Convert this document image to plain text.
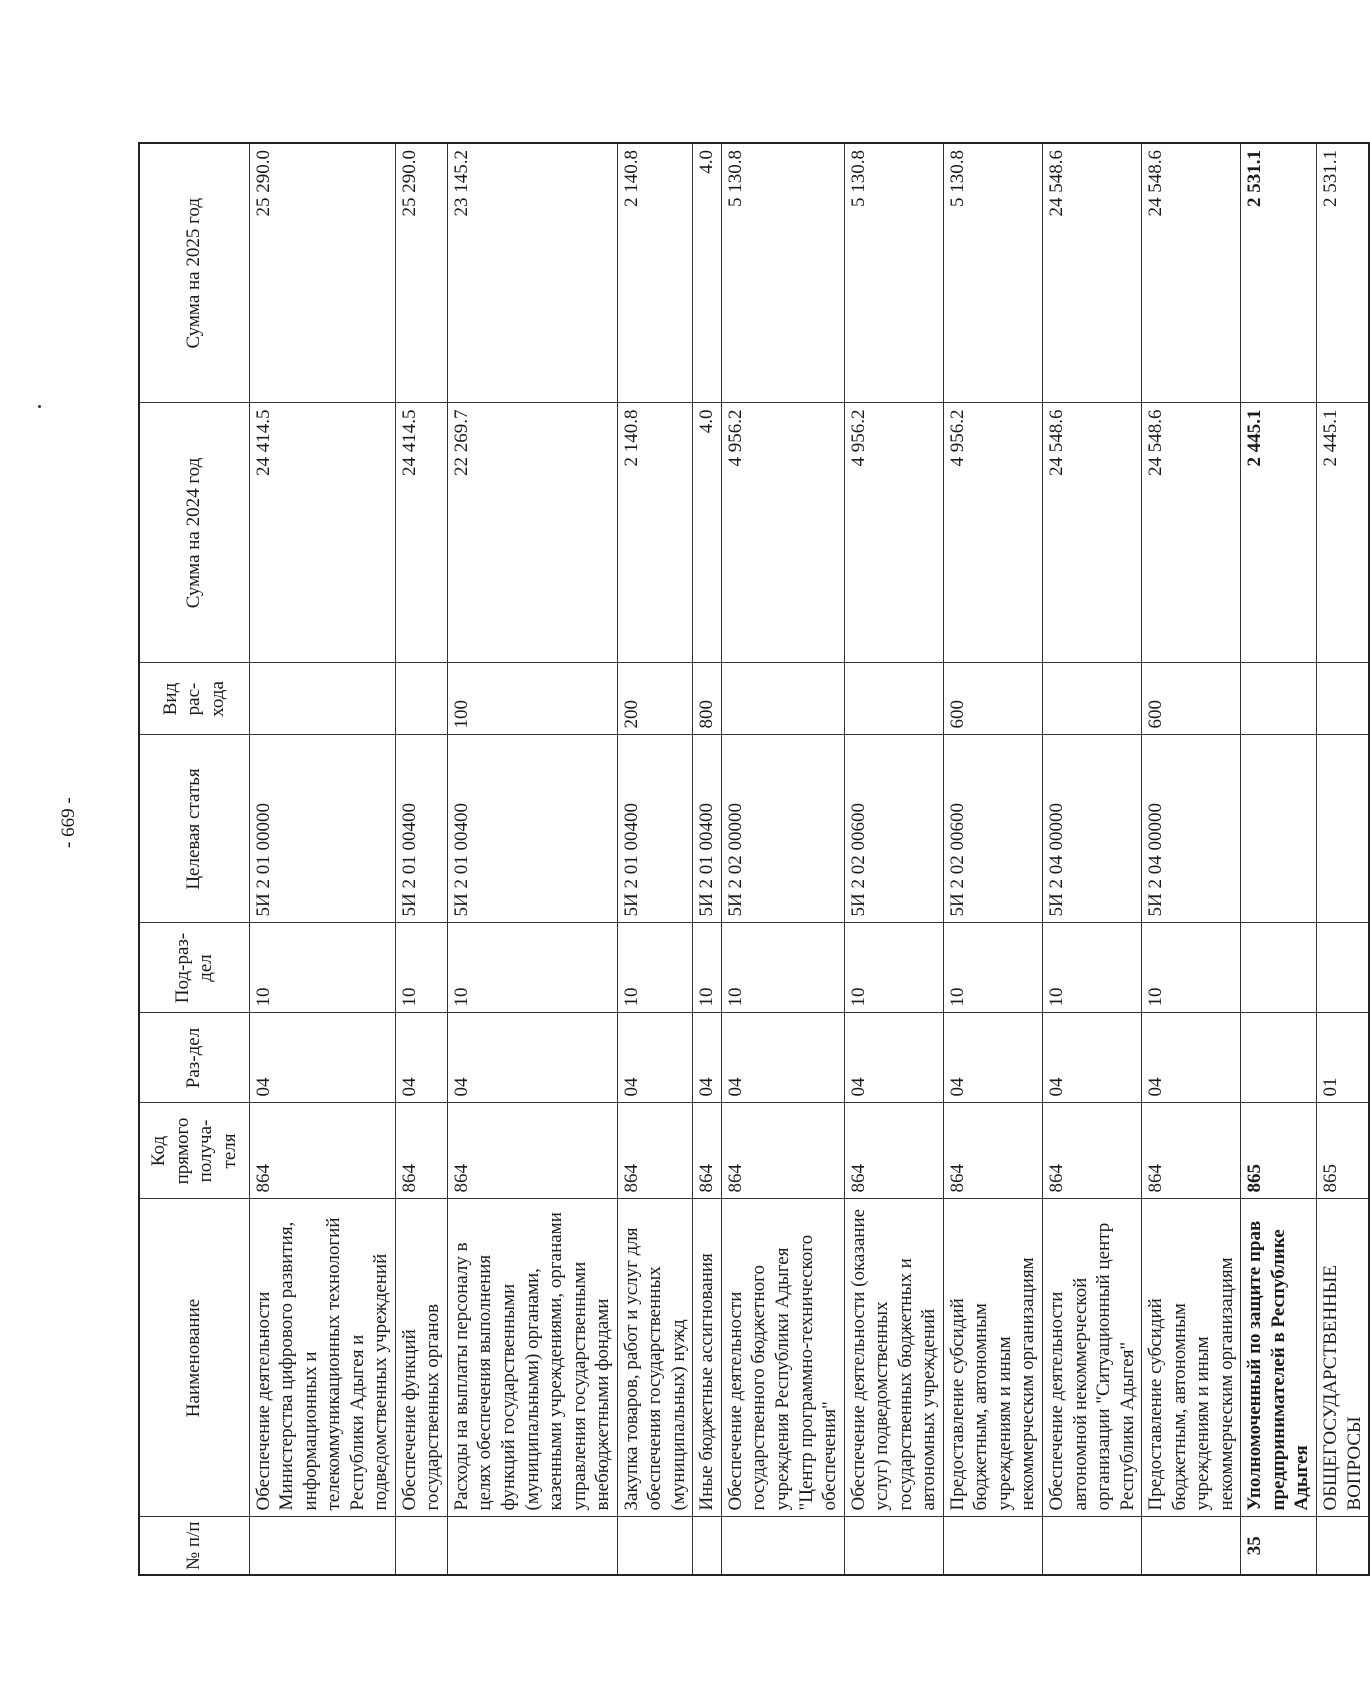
- 669 -
№ п/п	Наименование	Код прямого получа-теля	Раз-дел	Под-раз-дел	Целевая статья	Вид рас-хода	Сумма на 2024 год	Сумма на 2025 год
	Обеспечение деятельности Министерства цифрового развития, информационных и телекоммуникационных технологий Республики Адыгея и подведомственных учреждений	864	04	10	5И 2 01 00000		24 414.5	25 290.0
	Обеспечение функций государственных органов	864	04	10	5И 2 01 00400		24 414.5	25 290.0
	Расходы на выплаты персоналу в целях обеспечения выполнения функций государственными (муниципальными) органами, казенными учреждениями, органами управления государственными внебюджетными фондами	864	04	10	5И 2 01 00400	100	22 269.7	23 145.2
	Закупка товаров, работ и услуг для обеспечения государственных (муниципальных) нужд	864	04	10	5И 2 01 00400	200	2 140.8	2 140.8
	Иные бюджетные ассигнования	864	04	10	5И 2 01 00400	800	4.0	4.0
	Обеспечение деятельности государственного бюджетного учреждения Республики Адыгея "Центр программно-технического обеспечения"	864	04	10	5И 2 02 00000		4 956.2	5 130.8
	Обеспечение деятельности (оказание услуг) подведомственных государственных бюджетных и автономных учреждений	864	04	10	5И 2 02 00600		4 956.2	5 130.8
	Предоставление субсидий бюджетным, автономным учреждениям и иным некоммерческим организациям	864	04	10	5И 2 02 00600	600	4 956.2	5 130.8
	Обеспечение деятельности автономной некоммерческой организации "Ситуационный центр Республики Адыгея"	864	04	10	5И 2 04 00000		24 548.6	24 548.6
	Предоставление субсидий бюджетным, автономным учреждениям и иным некоммерческим организациям	864	04	10	5И 2 04 00000	600	24 548.6	24 548.6
35	Уполномоченный по защите прав предпринимателей в Республике Адыгея	865					2 445.1	2 531.1
	ОБЩЕГОСУДАРСТВЕННЫЕ ВОПРОСЫ	865	01				2 445.1	2 531.1
